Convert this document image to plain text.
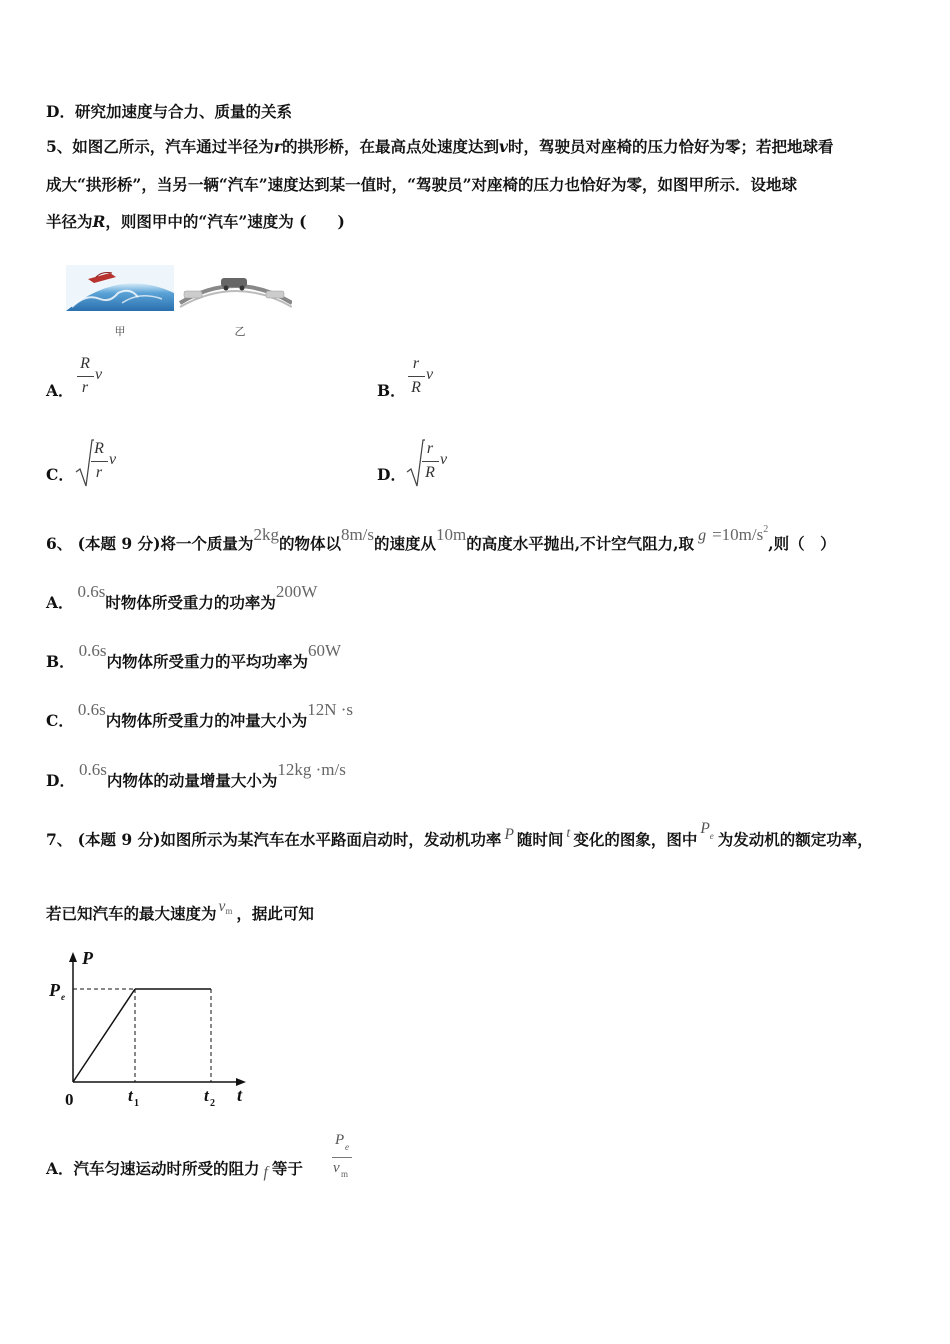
D．研究加速度与合力、质量的关系
5、如图乙所示，汽车通过半径为r的拱形桥，在最高点处速度达到v时，驾驶员对座椅的压力恰好为零；若把地球看
成大“拱形桥”，当另一辆“汽车”速度达到某一值时，“驾驶员”对座椅的压力也恰好为零，如图甲所示．设地球
半径为R，则图甲中的“汽车”速度为 (　　)
甲	乙
A．
R
r
v
B．
r
R
v
C．
R
r
v
D．
r
R
v
6、 (本题 9 分)将一个质量为2kg的物体以8m/s的速度从10m的高度水平抛出,不计空气阻力,取 $g =10m/s^2$,则（　）
A．0.6s时物体所受重力的功率为200W
B．0.6s内物体所受重力的平均功率为60W
C．0.6s内物体所受重力的冲量大小为12N ·s
D．0.6s内物体的动量增量大小为12kg ·m/s
7、 (本题 9 分)如图所示为某汽车在水平路面启动时，发动机功率 P 随时间 t 变化的图象，图中$P^e$ 为发动机的额定功率，
若已知汽车的最大速度为 $v^m$ ，据此可知
P
P e
0	t 1	t 2 t
A．汽车匀速运动时所受的阻力 f 等于
P e
v m
